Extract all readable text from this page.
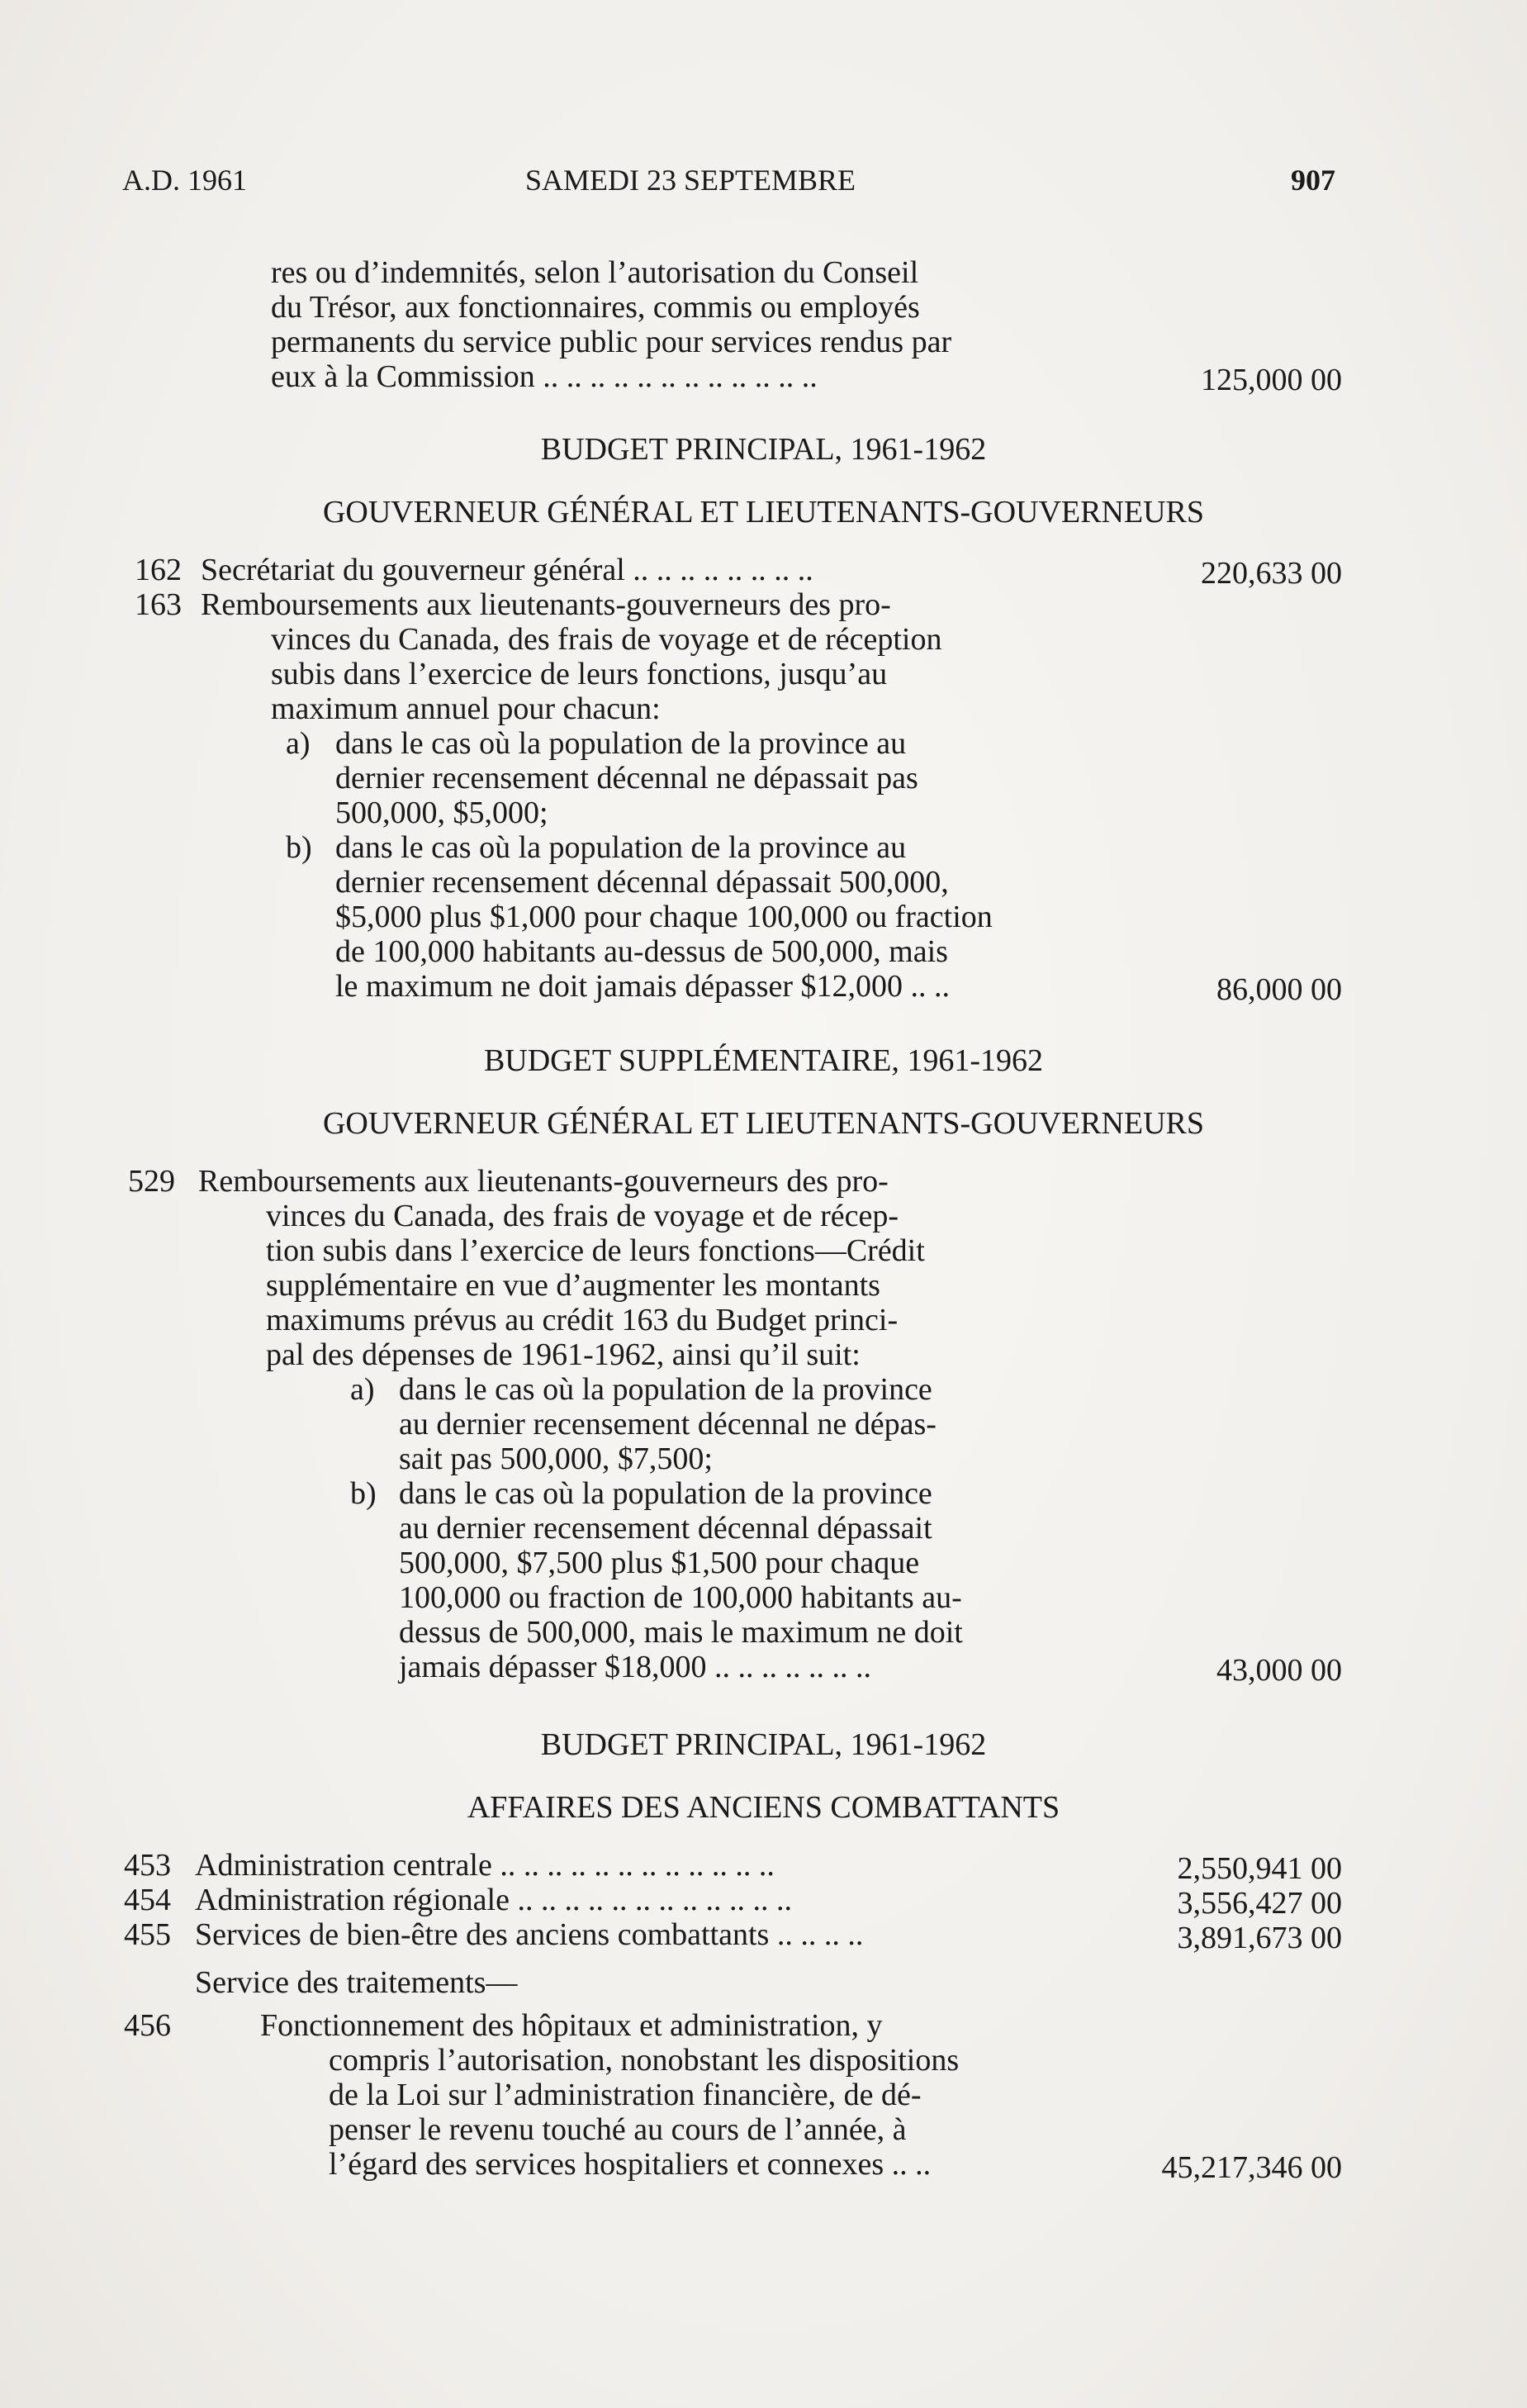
A.D. 1961	SAMEDI 23 SEPTEMBRE	907
res ou d’indemnités, selon l’autorisation du Conseil
du Trésor, aux fonctionnaires, commis ou employés
permanents du service public pour services rendus par
eux à la Commission .. .. .. .. .. .. .. .. .. .. .. ..	125,000 00
BUDGET PRINCIPAL, 1961-1962
GOUVERNEUR GÉNÉRAL ET LIEUTENANTS-GOUVERNEURS
162 Secrétariat du gouverneur général .. .. .. .. .. .. .. ..	220,633 00
163 Remboursements aux lieutenants-gouverneurs des pro-
vinces du Canada, des frais de voyage et de réception
subis dans l’exercice de leurs fonctions, jusqu’au
maximum annuel pour chacun:
a) dans le cas où la population de la province au
dernier recensement décennal ne dépassait pas
500,000, $5,000;
b) dans le cas où la population de la province au
dernier recensement décennal dépassait 500,000,
$5,000 plus $1,000 pour chaque 100,000 ou fraction
de 100,000 habitants au-dessus de 500,000, mais
le maximum ne doit jamais dépasser $12,000 .. ..	86,000 00
BUDGET SUPPLÉMENTAIRE, 1961-1962
GOUVERNEUR GÉNÉRAL ET LIEUTENANTS-GOUVERNEURS
529 Remboursements aux lieutenants-gouverneurs des pro-
vinces du Canada, des frais de voyage et de récep-
tion subis dans l’exercice de leurs fonctions—Crédit
supplémentaire en vue d’augmenter les montants
maximums prévus au crédit 163 du Budget princi-
pal des dépenses de 1961-1962, ainsi qu’il suit:
a) dans le cas où la population de la province
au dernier recensement décennal ne dépas-
sait pas 500,000, $7,500;
b) dans le cas où la population de la province
au dernier recensement décennal dépassait
500,000, $7,500 plus $1,500 pour chaque
100,000 ou fraction de 100,000 habitants au-
dessus de 500,000, mais le maximum ne doit
jamais dépasser $18,000 .. .. .. .. .. .. ..	43,000 00
BUDGET PRINCIPAL, 1961-1962
AFFAIRES DES ANCIENS COMBATTANTS
453 Administration centrale .. .. .. .. .. .. .. .. .. .. .. ..	2,550,941 00
454 Administration régionale .. .. .. .. .. .. .. .. .. .. .. ..	3,556,427 00
455 Services de bien-être des anciens combattants .. .. .. ..	3,891,673 00
Service des traitements—
456	Fonctionnement des hôpitaux et administration, y
compris l’autorisation, nonobstant les dispositions
de la Loi sur l’administration financière, de dé-
penser le revenu touché au cours de l’année, à
l’égard des services hospitaliers et connexes .. ..	45,217,346 00
